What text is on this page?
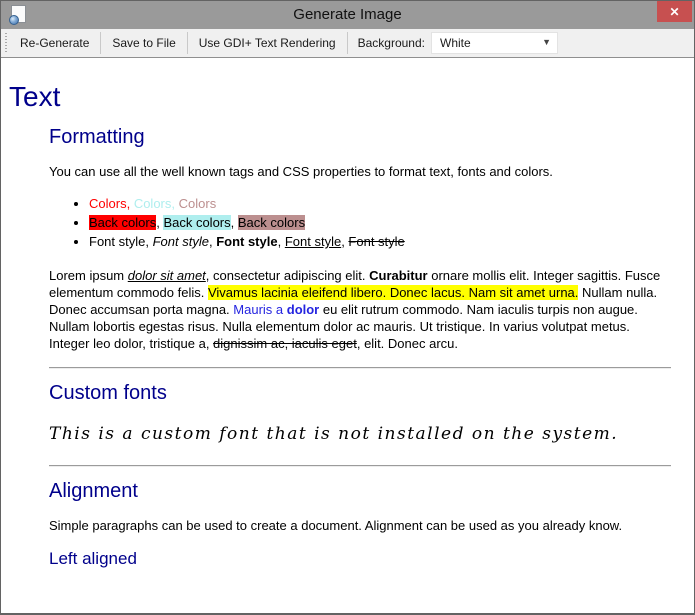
Generate Image	✕
Re-Generate	Save to File	Use GDI+ Text Rendering	Background:	White	▼
Text
Formatting

You can use all the well known tags and CSS properties to format text, fonts and colors.

• Colors, Colors, Colors
• Back colors, Back colors, Back colors
• Font style, Font style, Font style, Font style, Font style

Lorem ipsum dolor sit amet, consectetur adipiscing elit. Curabitur ornare mollis elit. Integer sagittis. Fusce elementum commodo felis. Vivamus lacinia eleifend libero. Donec lacus. Nam sit amet urna. Nullam nulla. Donec accumsan porta magna. Mauris a dolor eu elit rutrum commodo. Nam iaculis turpis non augue. Nullam lobortis egestas risus. Nulla elementum dolor ac mauris. Ut tristique. In varius volutpat metus. Integer leo dolor, tristique a, dignissim ac, iaculis eget, elit. Donec arcu.

Custom fonts

This is a custom font that is not installed on the system.

Alignment

Simple paragraphs can be used to create a document. Alignment can be used as you already know.

Left aligned
